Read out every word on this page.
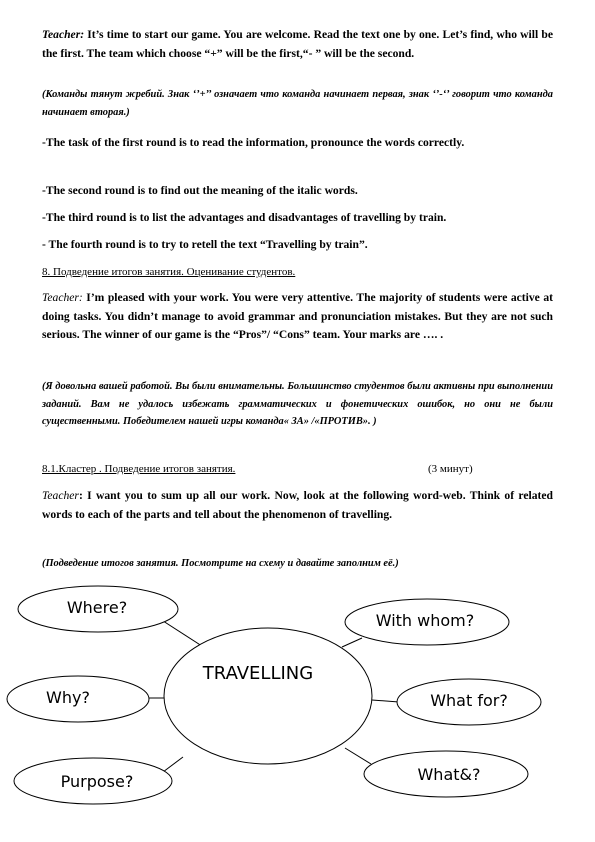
Teacher: It’s time to start our game. You are welcome. Read the text one by one. Let’s find, who will be the first. The team which choose “+” will be the first,“- ” will be the second.

(Команды тянут жребий. Знак ‘’+’’ означает что команда начинает первая, знак ‘’-‘’ говорит что команда начинает вторая.)

-The task of the first round is to read the information, pronounce the words correctly.

-The second round is to find out the meaning of the italic words.

-The third round is to list the advantages and disadvantages of travelling by train.

- The fourth round is to try to retell the text “Travelling by train”.

8. Подведение итогов занятия. Оценивание студентов.

Teacher: I’m pleased with your work. You were very attentive. The majority of students were active at doing tasks. You didn’t manage to avoid grammar and pronunciation mistakes. But they are not such serious. The winner of our game is the “Pros”/ “Cons” team. Your marks are …. .

(Я довольна вашей работой. Вы были внимательны. Большинство студентов были активны при выполнении заданий. Вам не удалось избежать грамматических и фонетических ошибок, но они не были существенными. Победителем нашей игры команда« ЗА» /«ПРОТИВ». )

8.1.Кластер . Подведение итогов занятия.	(3 минут)

Teacher: I want you to sum up all our work. Now, look at the following word-web. Think of related words to each of the parts and tell about the phenomenon of travelling.

(Подведение итогов занятия. Посмотрите на схему и давайте заполним её.)

TRAVELLING
Where?
With whom?
Why?	What for?
Purpose?	What&?
